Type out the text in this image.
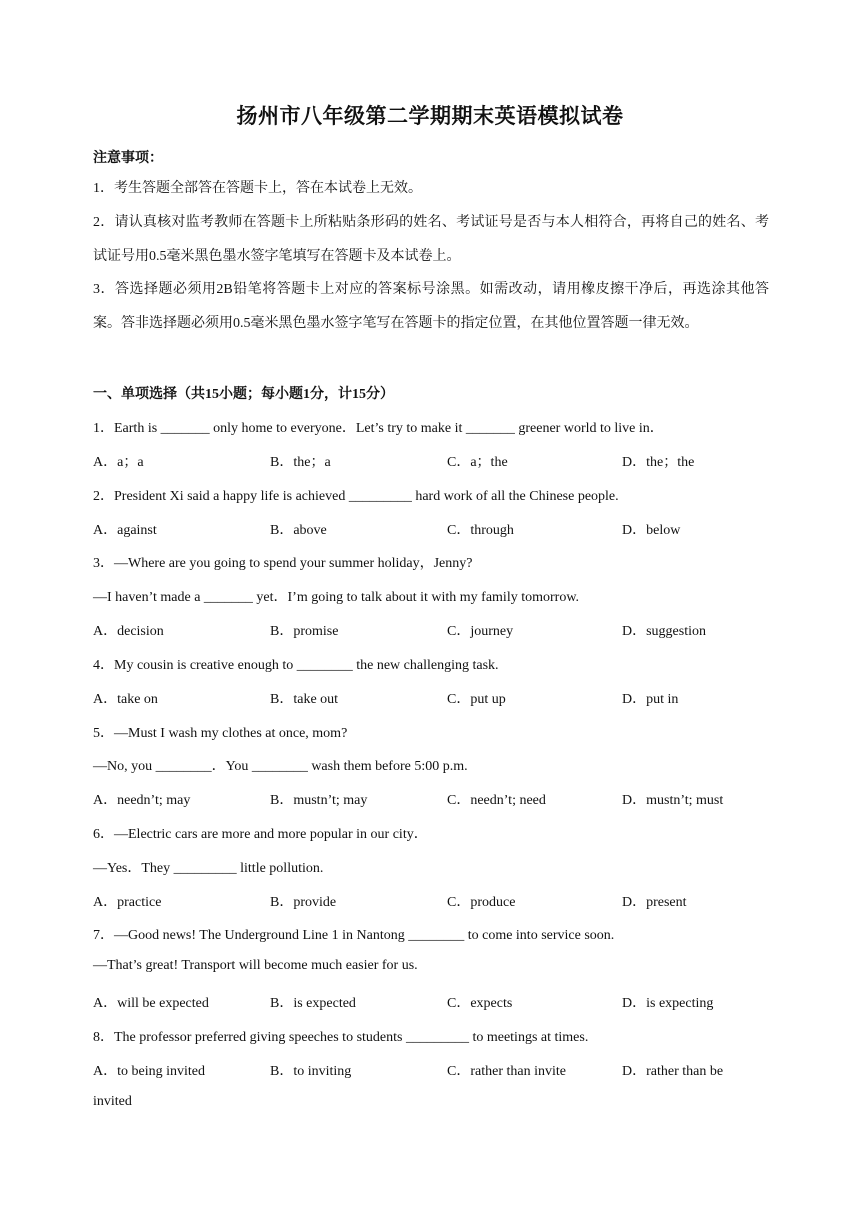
扬州市八年级第二学期期末英语模拟试卷
注意事项：
1．考生答题全部答在答题卡上，答在本试卷上无效。
2．请认真核对监考教师在答题卡上所粘贴条形码的姓名、考试证号是否与本人相符合，再将自己的姓名、考试证号用0.5毫米黑色墨水签字笔填写在答题卡及本试卷上。
3．答选择题必须用2B铅笔将答题卡上对应的答案标号涂黑。如需改动，请用橡皮擦干净后，再选涂其他答案。答非选择题必须用0.5毫米黑色墨水签字笔写在答题卡的指定位置，在其他位置答题一律无效。
一、单项选择（共15小题；每小题1分，计15分）
1．Earth is _______ only home to everyone．Let’s try to make it _______ greener world to live in．
A．a；a	B．the；a	C．a；the	D．the；the
2．President Xi said a happy life is achieved _________ hard work of all the Chinese people.
A．against	B．above	C．through	D．below
3．—Where are you going to spend your summer holiday，Jenny?
—I haven’t made a _______ yet．I’m going to talk about it with my family tomorrow.
A．decision	B．promise	C．journey	D．suggestion
4．My cousin is creative enough to ________ the new challenging task.
A．take on	B．take out	C．put up	D．put in
5．—Must I wash my clothes at once, mom?
—No, you ________．You ________ wash them before 5:00 p.m.
A．needn’t; may	B．mustn’t; may	C．needn’t; need	D．mustn’t; must
6．—Electric cars are more and more popular in our city．
—Yes．They _________ little pollution.
A．practice	B．provide	C．produce	D．present
7．—Good news! The Underground Line 1 in Nantong ________ to come into service soon.
—That’s great! Transport will become much easier for us.
A．will be expected	B．is expected	C．expects	D．is expecting
8．The professor preferred giving speeches to students _________ to meetings at times.
A．to being invited	B．to inviting	C．rather than invite	D．rather than be
invited
